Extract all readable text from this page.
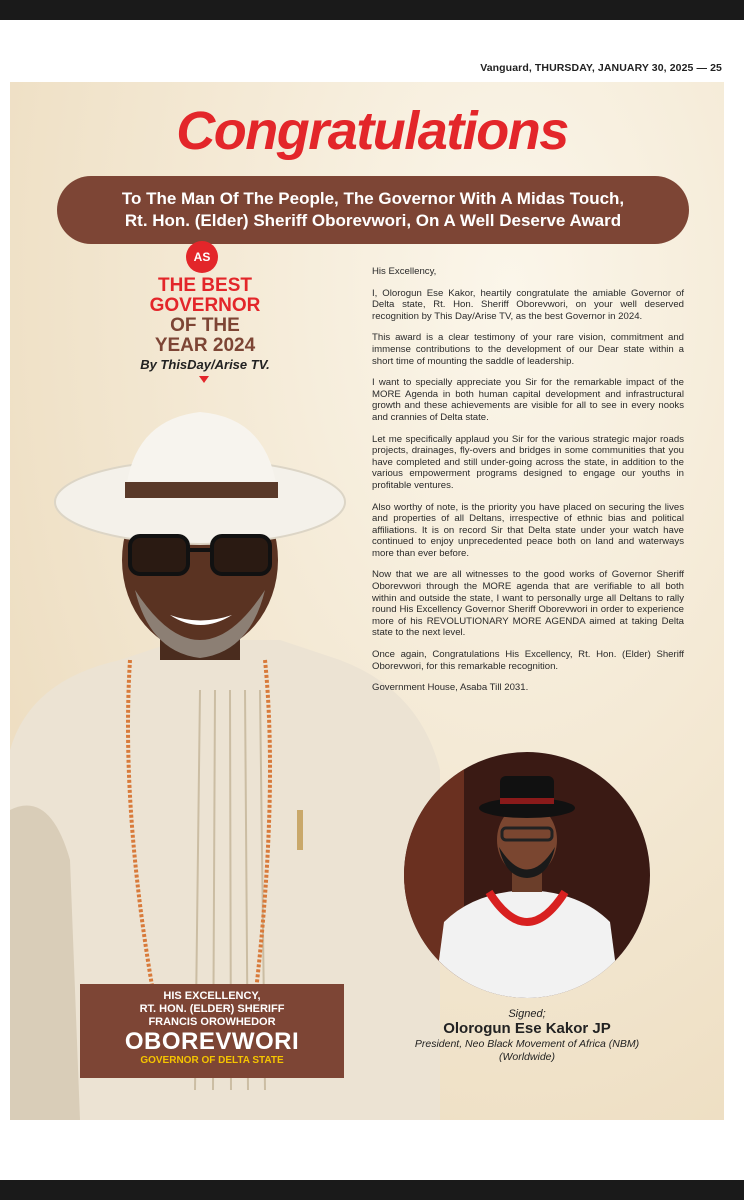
Vanguard, THURSDAY, JANUARY 30, 2025 — 25
Congratulations
To The Man Of The People, The Governor With A Midas Touch,
Rt. Hon. (Elder) Sheriff Oborevwori, On A Well Deserve Award
AS
THE BEST
GOVERNOR
OF THE
YEAR 2024
By ThisDay/Arise TV.

His Excellency,

I, Olorogun Ese Kakor, heartily congratulate the amiable Governor of Delta state, Rt. Hon. Sheriff Oborevwori, on your well deserved recognition by This Day/Arise TV, as the best Governor in 2024.

This award is a clear testimony of your rare vision, commitment and immense contributions to the development of our Dear state within a short time of mounting the saddle of leadership.

I want to specially appreciate you Sir for the remarkable impact of the MORE Agenda in both human capital development and infrastructural growth and these achievements are visible for all to see in every nooks and crannies of Delta state.

Let me specifically applaud you Sir for the various strategic major roads projects, drainages, fly-overs and bridges in some communities that you have completed and still under-going across the state, in addition to the various empowerment programs designed to engage our youths in profitable ventures.

Also worthy of note, is the priority you have placed on securing the lives and properties of all Deltans, irrespective of ethnic bias and political affiliations. It is on record Sir that Delta state under your watch have continued to enjoy unprecedented peace both on land and waterways more than ever before.

Now that we are all witnesses to the good works of Governor Sheriff Oborevwori through the MORE agenda that are verifiable to all both within and outside the state, I want to personally urge all Deltans to rally round His Excellency Governor Sheriff Oborevwori in order to experience more of his REVOLUTIONARY MORE AGENDA aimed at taking Delta state to the next level.

Once again, Congratulations His Excellency, Rt. Hon. (Elder) Sheriff Oborevwori, for this remarkable recognition.

Government House, Asaba Till 2031.

HIS EXCELLENCY,
RT. HON. (ELDER) SHERIFF
FRANCIS OROWHEDOR
OBOREVWORI
GOVERNOR OF DELTA STATE
Signed;
Olorogun Ese Kakor JP
President, Neo Black Movement of Africa (NBM)
(Worldwide)
